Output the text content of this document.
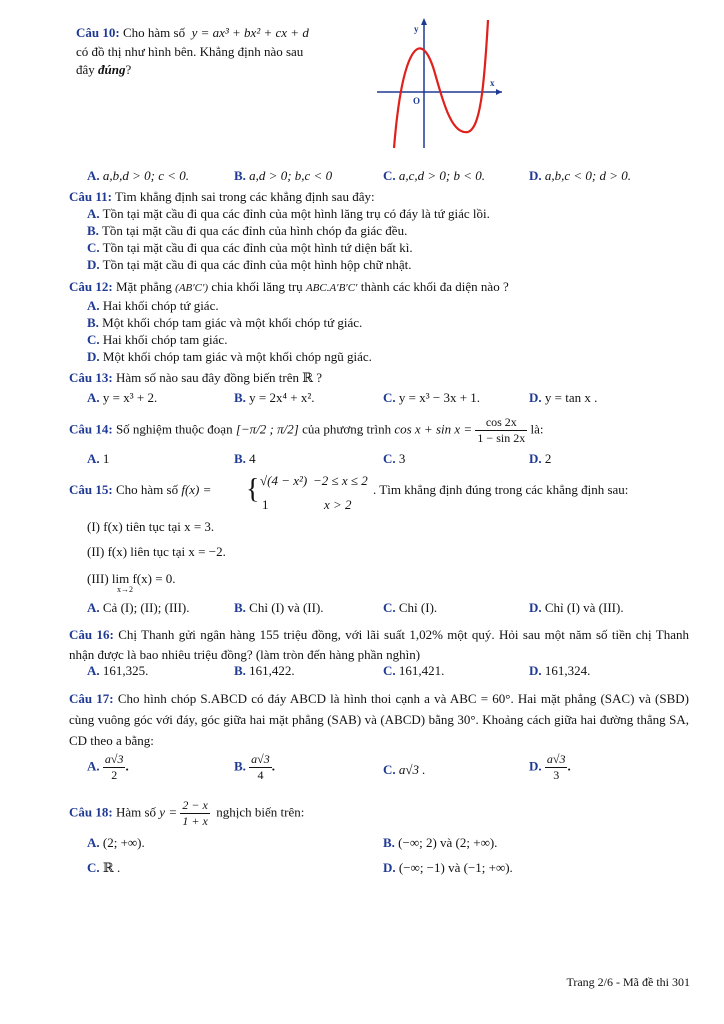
Câu 10: Cho hàm số y = ax³ + bx² + cx + d
có đồ thị như hình bên. Khẳng định nào sau
đây đúng?
y
x
O
A. a,b,d > 0; c < 0.	B. a,d > 0; b,c < 0	C. a,c,d > 0; b < 0.	D. a,b,c < 0; d > 0.
Câu 11: Tìm khẳng định sai trong các khẳng định sau đây:
A. Tồn tại mặt cầu đi qua các đỉnh của một hình lăng trụ có đáy là tứ giác lồi.
B. Tồn tại mặt cầu đi qua các đỉnh của hình chóp đa giác đều.
C. Tồn tại mặt cầu đi qua các đỉnh của một hình tứ diện bất kì.
D. Tồn tại mặt cầu đi qua các đỉnh của một hình hộp chữ nhật.
Câu 12: Mặt phẳng (AB′C′) chia khối lăng trụ ABC.A′B′C′ thành các khối đa diện nào ?
A. Hai khối chóp tứ giác.
B. Một khối chóp tam giác và một khối chóp tứ giác.
C. Hai khối chóp tam giác.
D. Một khối chóp tam giác và một khối chóp ngũ giác.
Câu 13: Hàm số nào sau đây đồng biến trên ℝ ?
A. y = x³ + 2.	B. y = 2x⁴ + x².	C. y = x³ − 3x + 1.	D. y = tan x .
Câu 14: Số nghiệm thuộc đoạn [−π/2 ; π/2] của phương trình $\cos x + \sin x = \frac{\cos 2x}{1 - \sin 2x}$ là:
A. 1	B. 4	C. 3	D. 2
Câu 15: Cho hàm số f(x) = { √(4 − x²) −2 ≤ x ≤ 2
1	x > 2
. Tìm khẳng định đúng trong các khẳng định sau:
(I) f(x) tiên tục tại x = 3.
(II) f(x) liên tục tại x = −2.
(III) lim f(x) = 0.
x→2
A. Cả (I); (II); (III).	B. Chỉ (I) và (II).	C. Chỉ (I).	D. Chỉ (I) và (III).
Câu 16: Chị Thanh gửi ngân hàng 155 triệu đồng, với lãi suất 1,02% một quý. Hỏi sau một năm số tiền chị Thanh nhận được là bao nhiêu triệu đồng? (làm tròn đến hàng phần nghìn)
A. 161,325.	B. 161,422.	C. 161,421.	D. 161,324.
Câu 17: Cho hình chóp S.ABCD có đáy ABCD là hình thoi cạnh a và ABC = 60°. Hai mặt phẳng (SAC) và (SBD) cùng vuông góc với đáy, góc giữa hai mặt phẳng (SAB) và (ABCD) bằng 30°. Khoảng cách giữa hai đường thẳng SA, CD theo a bằng:
A. $\frac{a√3}{2}$ .	B. $\frac{a√3}{4}$ .	C. a√3 .	D. $\frac{a√3}{3}$ .
Câu 18: Hàm số $y = \frac{2 - x}{1 + x}$ nghịch biến trên:
A. (2; +∞).	B. (−∞; 2) và (2; +∞).
C. ℝ .	D. (−∞; −1) và (−1; +∞).
Trang 2/6 - Mã đề thi 301
